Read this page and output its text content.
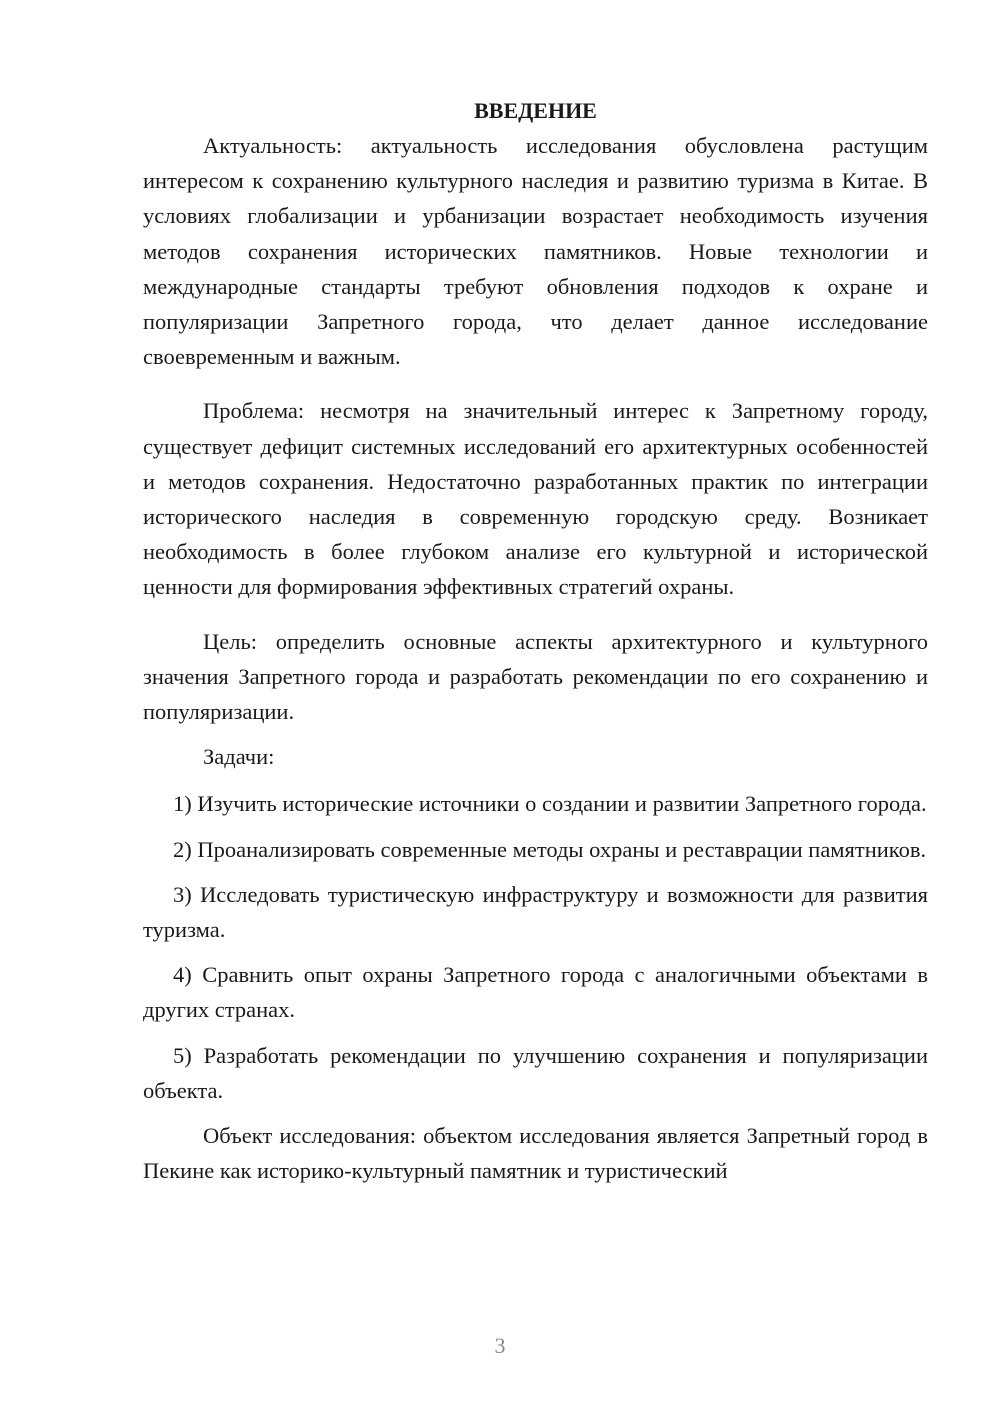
ВВЕДЕНИЕ

Актуальность: актуальность исследования обусловлена растущим интересом к сохранению культурного наследия и развитию туризма в Китае. В условиях глобализации и урбанизации возрастает необходимость изучения методов сохранения исторических памятников. Новые технологии и международные стандарты требуют обновления подходов к охране и популяризации Запретного города, что делает данное исследование своевременным и важным.

Проблема: несмотря на значительный интерес к Запретному городу, существует дефицит системных исследований его архитектурных особенностей и методов сохранения. Недостаточно разработанных практик по интеграции исторического наследия в современную городскую среду. Возникает необходимость в более глубоком анализе его культурной и исторической ценности для формирования эффективных стратегий охраны.

Цель: определить основные аспекты архитектурного и культурного значения Запретного города и разработать рекомендации по его сохранению и популяризации.

Задачи:

1) Изучить исторические источники о создании и развитии Запретного города.

2) Проанализировать современные методы охраны и реставрации памятников.

3) Исследовать туристическую инфраструктуру и возможности для развития туризма.

4) Сравнить опыт охраны Запретного города с аналогичными объектами в других странах.

5) Разработать рекомендации по улучшению сохранения и популяризации объекта.

Объект исследования: объектом исследования является Запретный город в Пекине как историко-культурный памятник и туристический

3
